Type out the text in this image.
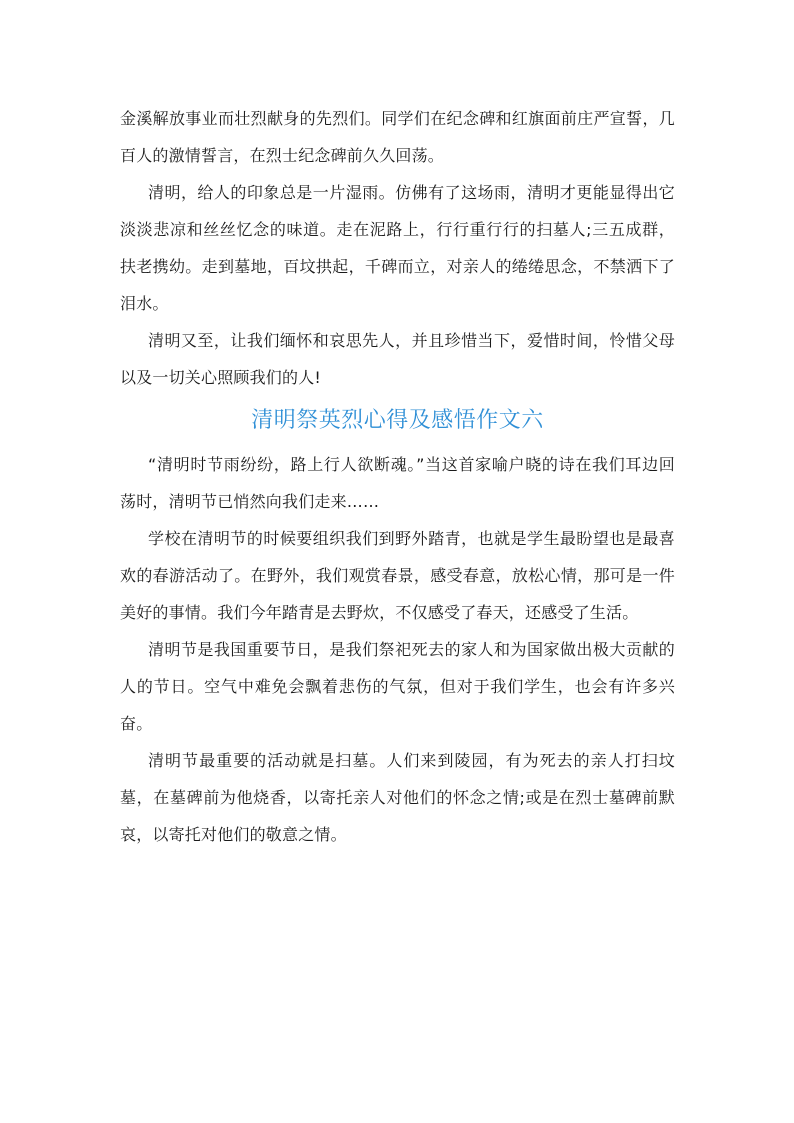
金溪解放事业而壮烈献身的先烈们。同学们在纪念碑和红旗面前庄严宣誓，几百人的激情誓言，在烈士纪念碑前久久回荡。

清明，给人的印象总是一片湿雨。仿佛有了这场雨，清明才更能显得出它淡淡悲凉和丝丝忆念的味道。走在泥路上，行行重行行的扫墓人;三五成群，扶老携幼。走到墓地，百坟拱起，千碑而立，对亲人的绻绻思念，不禁洒下了泪水。

清明又至，让我们缅怀和哀思先人，并且珍惜当下，爱惜时间，怜惜父母以及一切关心照顾我们的人!

清明祭英烈心得及感悟作文六

“清明时节雨纷纷，路上行人欲断魂。”当这首家喻户晓的诗在我们耳边回荡时，清明节已悄然向我们走来……

学校在清明节的时候要组织我们到野外踏青，也就是学生最盼望也是最喜欢的春游活动了。在野外，我们观赏春景，感受春意，放松心情，那可是一件美好的事情。我们今年踏青是去野炊，不仅感受了春天，还感受了生活。

清明节是我国重要节日，是我们祭祀死去的家人和为国家做出极大贡献的人的节日。空气中难免会飘着悲伤的气氛，但对于我们学生，也会有许多兴奋。

清明节最重要的活动就是扫墓。人们来到陵园，有为死去的亲人打扫坟墓，在墓碑前为他烧香，以寄托亲人对他们的怀念之情;或是在烈士墓碑前默哀，以寄托对他们的敬意之情。
